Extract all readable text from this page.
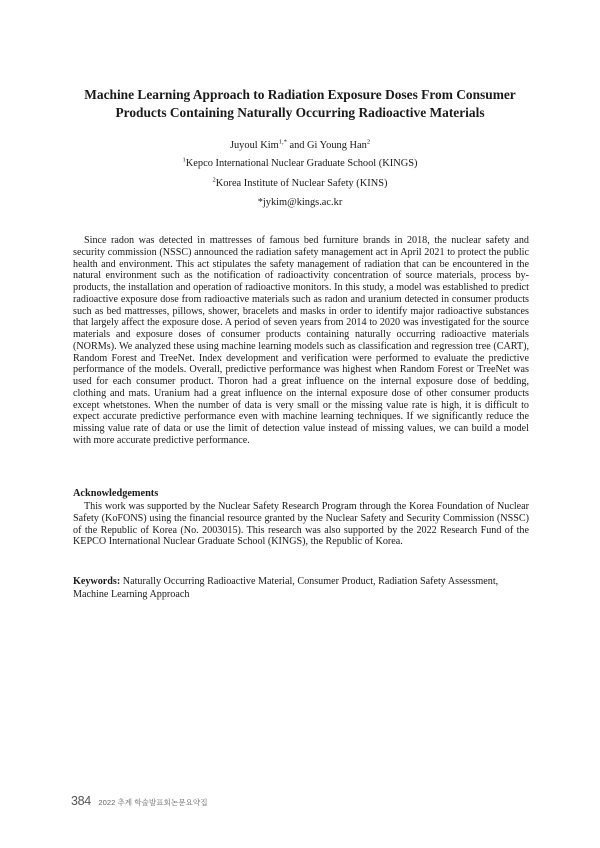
Machine Learning Approach to Radiation Exposure Doses From Consumer
Products Containing Naturally Occurring Radioactive Materials
Juyoul Kim$^{1,*}$ and Gi Young Han$^2$
$^1$Kepco International Nuclear Graduate School (KINGS)
$^2$Korea Institute of Nuclear Safety (KINS)
*jykim@kings.ac.kr

Since radon was detected in mattresses of famous bed furniture brands in 2018, the nuclear safety and security commission (NSSC) announced the radiation safety management act in April 2021 to protect the public health and environment. This act stipulates the safety management of radiation that can be encountered in the natural environment such as the notification of radioactivity concentration of source materials, process by-products, the installation and operation of radioactive monitors. In this study, a model was established to predict radioactive exposure dose from radioactive materials such as radon and uranium detected in consumer products such as bed mattresses, pillows, shower, bracelets and masks in order to identify major radioactive substances that largely affect the exposure dose. A period of seven years from 2014 to 2020 was investigated for the source materials and exposure doses of consumer products containing naturally occurring radioactive materials (NORMs). We analyzed these using machine learning models such as classification and regression tree (CART), Random Forest and TreeNet. Index development and verification were performed to evaluate the predictive performance of the models. Overall, predictive performance was highest when Random Forest or TreeNet was used for each consumer product. Thoron had a great influence on the internal exposure dose of bedding, clothing and mats. Uranium had a great influence on the internal exposure dose of other consumer products except whetstones. When the number of data is very small or the missing value rate is high, it is difficult to expect accurate predictive performance even with machine learning techniques. If we significantly reduce the missing value rate of data or use the limit of detection value instead of missing values, we can build a model with more accurate predictive performance.

Acknowledgements

This work was supported by the Nuclear Safety Research Program through the Korea Foundation of Nuclear Safety (KoFONS) using the financial resource granted by the Nuclear Safety and Security Commission (NSSC) of the Republic of Korea (No. 2003015). This research was also supported by the 2022 Research Fund of the KEPCO International Nuclear Graduate School (KINGS), the Republic of Korea.

Keywords: Naturally Occurring Radioactive Material, Consumer Product, Radiation Safety Assessment, Machine Learning Approach

384 2022 추계 학술발표회논문요약집
